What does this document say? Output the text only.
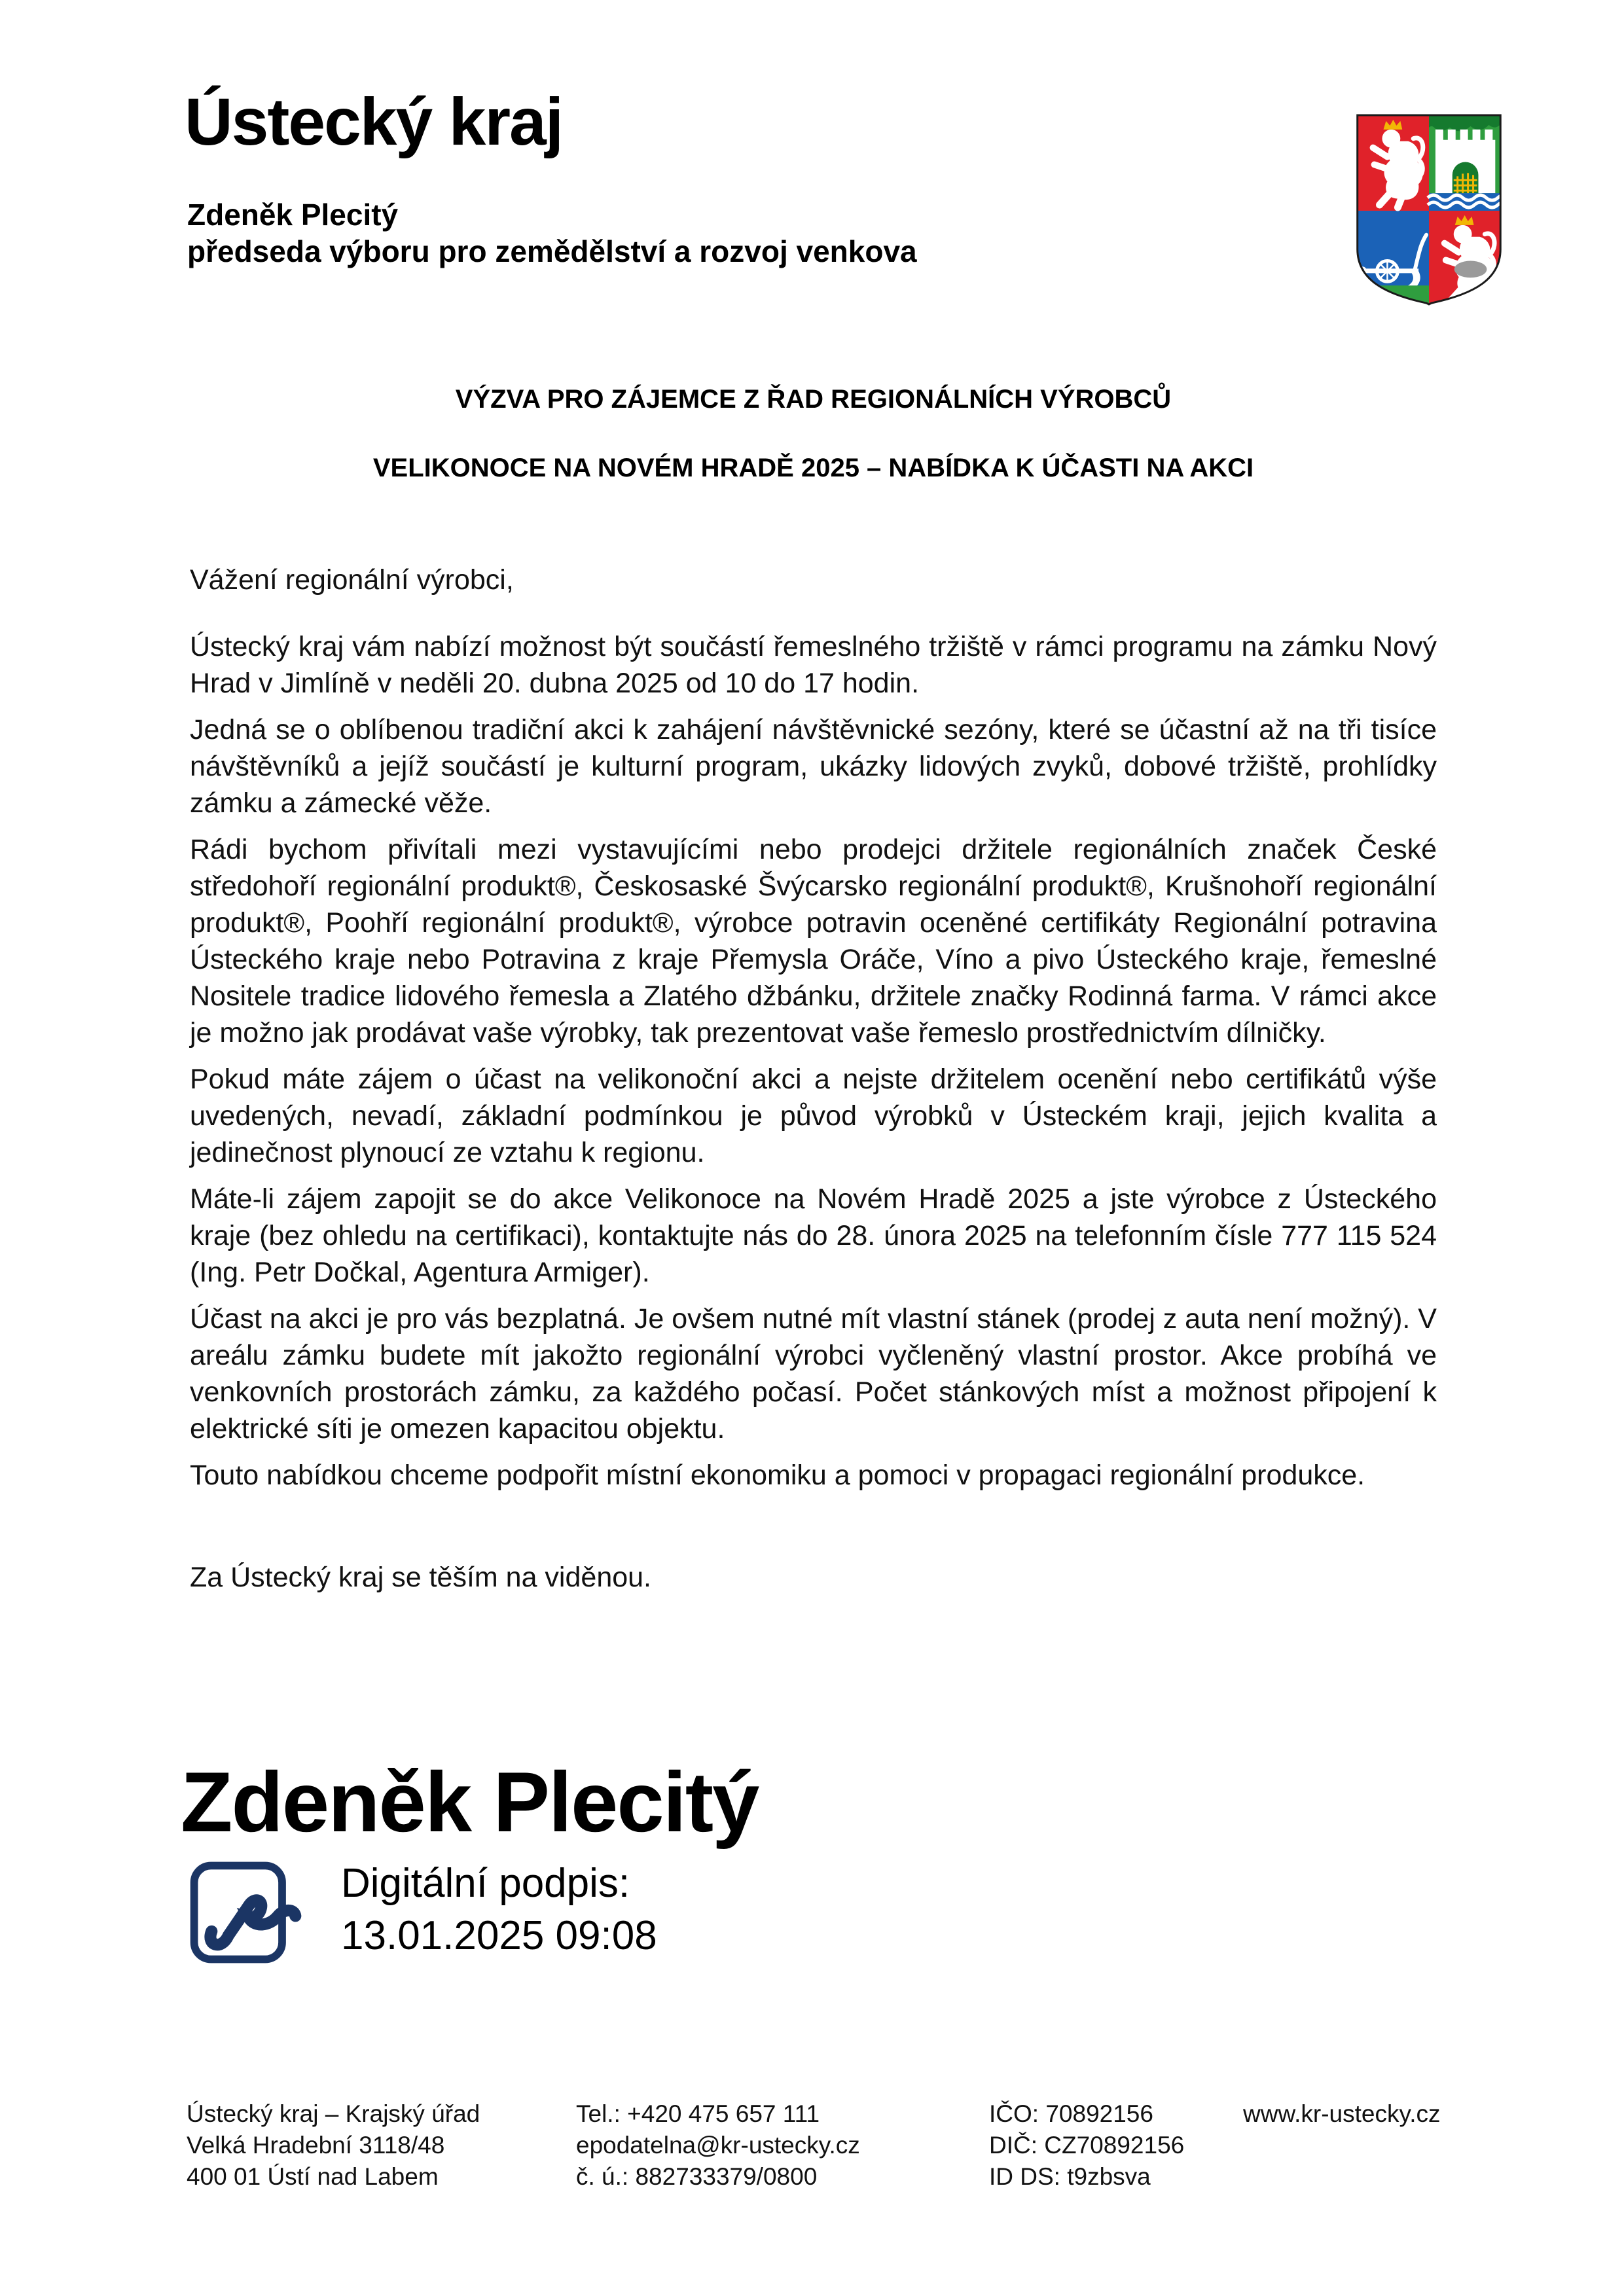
Ústecký kraj
Zdeněk Plecitý
předseda výboru pro zemědělství a rozvoj venkova
VÝZVA PRO ZÁJEMCE Z ŘAD REGIONÁLNÍCH VÝROBCŮ
VELIKONOCE NA NOVÉM HRADĚ 2025 – NABÍDKA K ÚČASTI NA AKCI
Vážení regionální výrobci,

Ústecký kraj vám nabízí možnost být součástí řemeslného tržiště v rámci programu na zámku Nový Hrad v Jimlíně v neděli 20. dubna 2025 od 10 do 17 hodin.

Jedná se o oblíbenou tradiční akci k zahájení návštěvnické sezóny, které se účastní až na tři tisíce návštěvníků a jejíž součástí je kulturní program, ukázky lidových zvyků, dobové tržiště, prohlídky zámku a zámecké věže.

Rádi bychom přivítali mezi vystavujícími nebo prodejci držitele regionálních značek České středohoří regionální produkt®, Českosaské Švýcarsko regionální produkt®, Krušnohoří regionální produkt®, Poohří regionální produkt®, výrobce potravin oceněné certifikáty Regionální potravina Ústeckého kraje nebo Potravina z kraje Přemysla Oráče, Víno a pivo Ústeckého kraje, řemeslné Nositele tradice lidového řemesla a Zlatého džbánku, držitele značky Rodinná farma. V rámci akce je možno jak prodávat vaše výrobky, tak prezentovat vaše řemeslo prostřednictvím dílničky.

Pokud máte zájem o účast na velikonoční akci a nejste držitelem ocenění nebo certifikátů výše uvedených, nevadí, základní podmínkou je původ výrobků v Ústeckém kraji, jejich kvalita a jedinečnost plynoucí ze vztahu k regionu.

Máte-li zájem zapojit se do akce Velikonoce na Novém Hradě 2025 a jste výrobce z Ústeckého kraje (bez ohledu na certifikaci), kontaktujte nás do 28. února 2025 na telefonním čísle 777 115 524 (Ing. Petr Dočkal, Agentura Armiger).

Účast na akci je pro vás bezplatná. Je ovšem nutné mít vlastní stánek (prodej z auta není možný). V areálu zámku budete mít jakožto regionální výrobci vyčleněný vlastní prostor. Akce probíhá ve venkovních prostorách zámku, za každého počasí. Počet stánkových míst a možnost připojení k elektrické síti je omezen kapacitou objektu.

Touto nabídkou chceme podpořit místní ekonomiku a pomoci v propagaci regionální produkce.

Za Ústecký kraj se těším na viděnou.
Zdeněk Plecitý
Digitální podpis:
13.01.2025 09:08
Ústecký kraj – Krajský úřad
Velká Hradební 3118/48
400 01 Ústí nad Labem
Tel.: +420 475 657 111
epodatelna@kr-ustecky.cz
č. ú.: 882733379/0800
IČO: 70892156
DIČ: CZ70892156
ID DS: t9zbsva
www.kr-ustecky.cz
